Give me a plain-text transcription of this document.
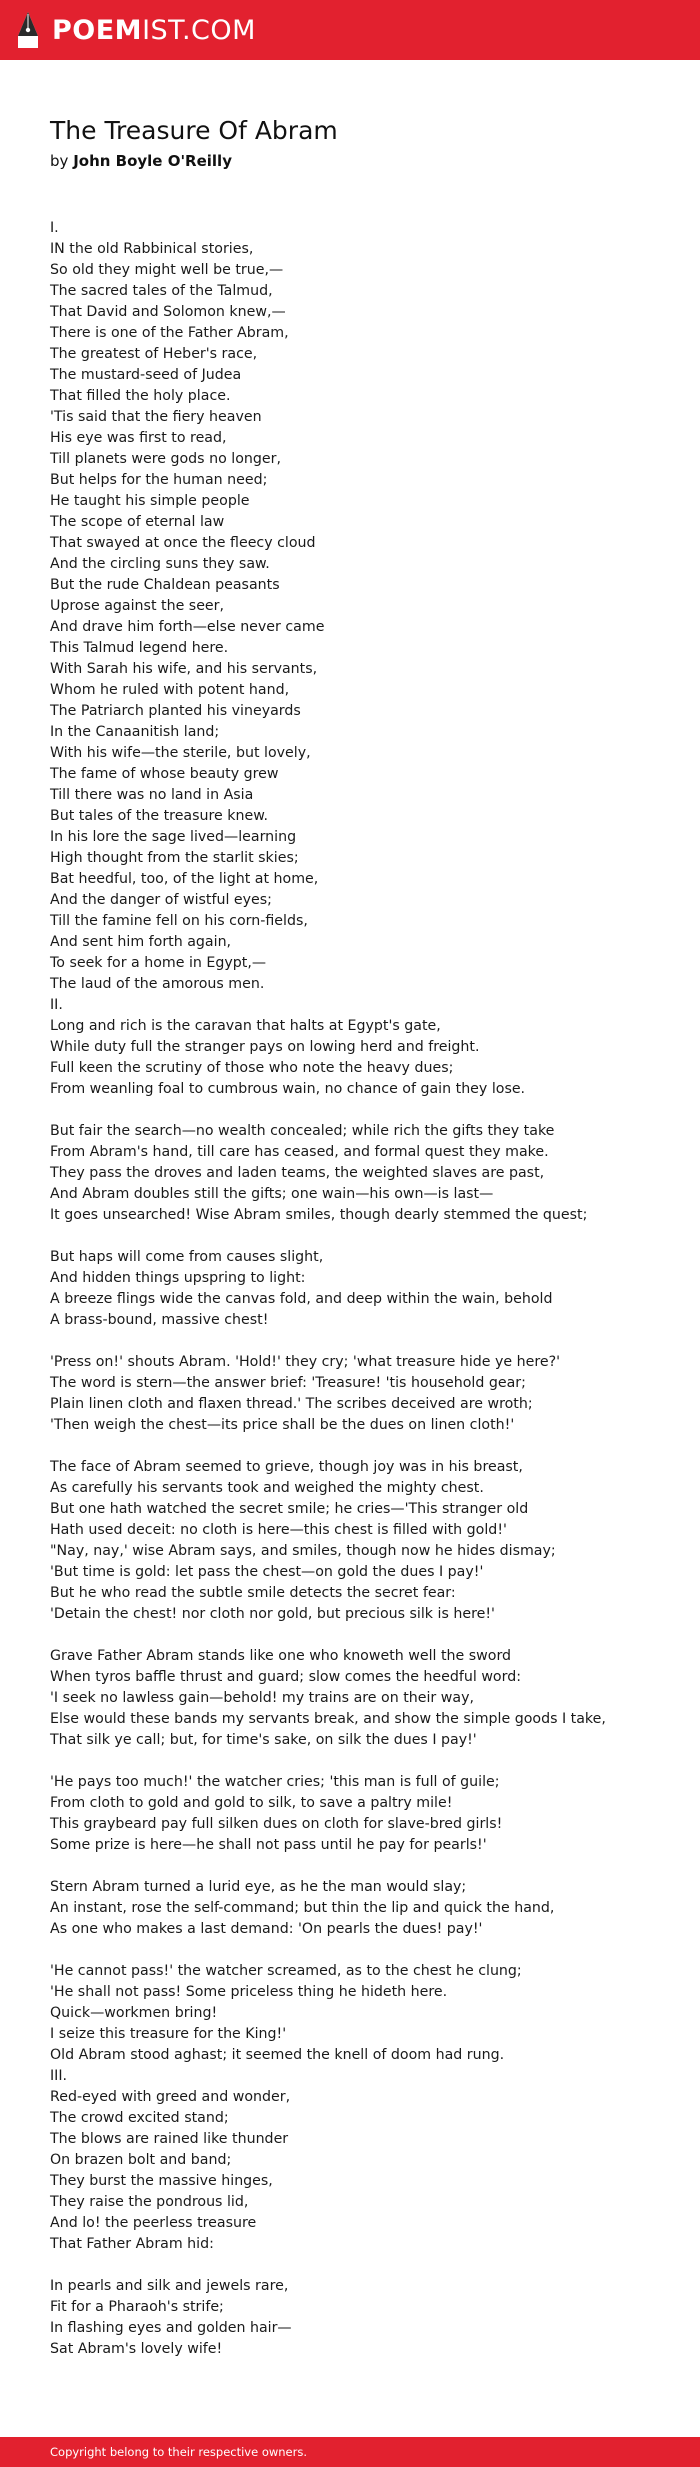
POEMIST.COM
The Treasure Of Abram

by John Boyle O'Reilly

I.
IN the old Rabbinical stories,
So old they might well be true,—
The sacred tales of the Talmud,
That David and Solomon knew,—
There is one of the Father Abram,
The greatest of Heber's race,
The mustard-seed of Judea
That filled the holy place.
'Tis said that the fiery heaven
His eye was first to read,
Till planets were gods no longer,
But helps for the human need;
He taught his simple people
The scope of eternal law
That swayed at once the fleecy cloud
And the circling suns they saw.
But the rude Chaldean peasants
Uprose against the seer,
And drave him forth—else never came
This Talmud legend here.
With Sarah his wife, and his servants,
Whom he ruled with potent hand,
The Patriarch planted his vineyards
In the Canaanitish land;
With his wife—the sterile, but lovely,
The fame of whose beauty grew
Till there was no land in Asia
But tales of the treasure knew.
In his lore the sage lived—learning
High thought from the starlit skies;
Bat heedful, too, of the light at home,
And the danger of wistful eyes;
Till the famine fell on his corn-fields,
And sent him forth again,
To seek for a home in Egypt,—
The laud of the amorous men.
II.
Long and rich is the caravan that halts at Egypt's gate,
While duty full the stranger pays on lowing herd and freight.
Full keen the scrutiny of those who note the heavy dues;
From weanling foal to cumbrous wain, no chance of gain they lose.
But fair the search—no wealth concealed; while rich the gifts they take
From Abram's hand, till care has ceased, and formal quest they make.
They pass the droves and laden teams, the weighted slaves are past,
And Abram doubles still the gifts; one wain—his own—is last—
It goes unsearched! Wise Abram smiles, though dearly stemmed the quest;
But haps will come from causes slight,
And hidden things upspring to light:
A breeze flings wide the canvas fold, and deep within the wain, behold
A brass-bound, massive chest!
'Press on!' shouts Abram. 'Hold!' they cry; 'what treasure hide ye here?'
The word is stern—the answer brief: 'Treasure! 'tis household gear;
Plain linen cloth and flaxen thread.' The scribes deceived are wroth;
'Then weigh the chest—its price shall be the dues on linen cloth!'
The face of Abram seemed to grieve, though joy was in his breast,
As carefully his servants took and weighed the mighty chest.
But one hath watched the secret smile; he cries—'This stranger old
Hath used deceit: no cloth is here—this chest is filled with gold!'
"Nay, nay,' wise Abram says, and smiles, though now he hides dismay;
'But time is gold: let pass the chest—on gold the dues I pay!'
But he who read the subtle smile detects the secret fear:
'Detain the chest! nor cloth nor gold, but precious silk is here!'
Grave Father Abram stands like one who knoweth well the sword
When tyros baffle thrust and guard; slow comes the heedful word:
'I seek no lawless gain—behold! my trains are on their way,
Else would these bands my servants break, and show the simple goods I take,
That silk ye call; but, for time's sake, on silk the dues I pay!'
'He pays too much!' the watcher cries; 'this man is full of guile;
From cloth to gold and gold to silk, to save a paltry mile!
This graybeard pay full silken dues on cloth for slave-bred girls!
Some prize is here—he shall not pass until he pay for pearls!'
Stern Abram turned a lurid eye, as he the man would slay;
An instant, rose the self-command; but thin the lip and quick the hand,
As one who makes a last demand: 'On pearls the dues! pay!'
'He cannot pass!' the watcher screamed, as to the chest he clung;
'He shall not pass! Some priceless thing he hideth here.
Quick—workmen bring!
I seize this treasure for the King!'
Old Abram stood aghast; it seemed the knell of doom had rung.
III.
Red-eyed with greed and wonder,
The crowd excited stand;
The blows are rained like thunder
On brazen bolt and band;
They burst the massive hinges,
They raise the pondrous lid,
And lo! the peerless treasure
That Father Abram hid:
In pearls and silk and jewels rare,
Fit for a Pharaoh's strife;
In flashing eyes and golden hair—
Sat Abram's lovely wife!
Copyright belong to their respective owners.
